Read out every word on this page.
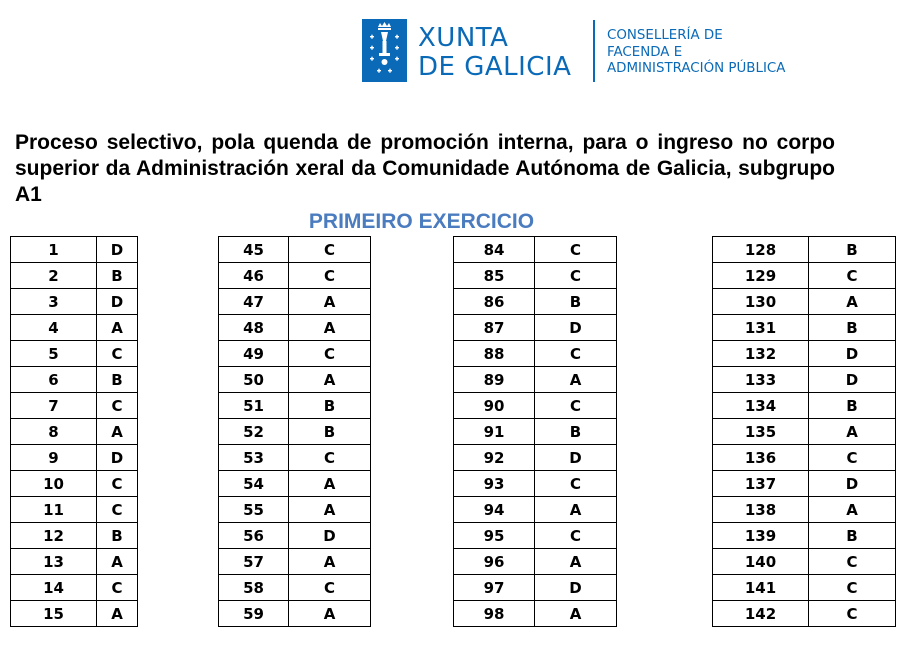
XUNTA
DE GALICIA
CONSELLERÍA DE
FACENDA E
ADMINISTRACIÓN PÚBLICA

Proceso selectivo, pola quenda de promoción interna, para o ingreso no corpo superior da Administración xeral da Comunidade Autónoma de Galicia, subgrupo A1

PRIMEIRO EXERCICIO

1	D
2	B
3	D
4	A
5	C
6	B
7	C
8	A
9	D
10	C
11	C
12	B
13	A
14	C
15	A
45	C
46	C
47	A
48	A
49	C
50	A
51	B
52	B
53	C
54	A
55	A
56	D
57	A
58	C
59	A
84	C
85	C
86	B
87	D
88	C
89	A
90	C
91	B
92	D
93	C
94	A
95	C
96	A
97	D
98	A
128	B
129	C
130	A
131	B
132	D
133	D
134	B
135	A
136	C
137	D
138	A
139	B
140	C
141	C
142	C
